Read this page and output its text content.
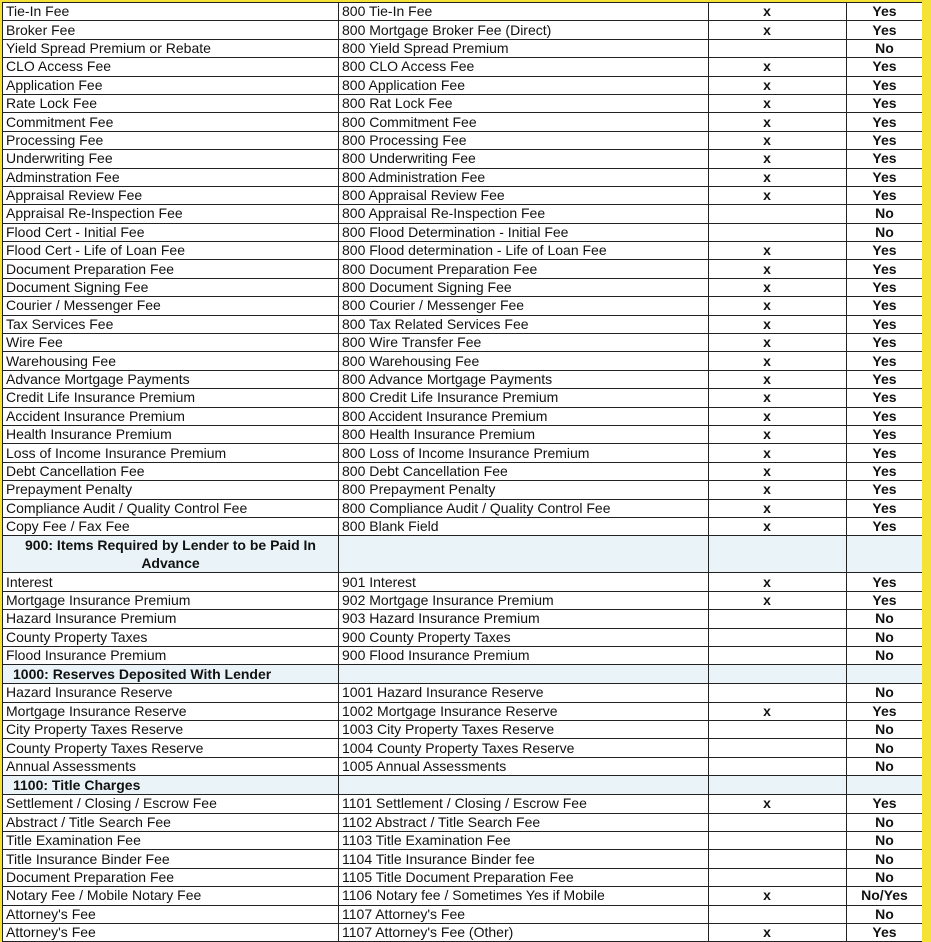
Tie-In Fee	800 Tie-In Fee	x	Yes
Broker Fee	800 Mortgage Broker Fee (Direct)	x	Yes
Yield Spread Premium or Rebate	800 Yield Spread Premium		No
CLO Access Fee	800 CLO Access Fee	x	Yes
Application Fee	800 Application Fee	x	Yes
Rate Lock Fee	800 Rat Lock Fee	x	Yes
Commitment Fee	800 Commitment Fee	x	Yes
Processing Fee	800 Processing Fee	x	Yes
Underwriting Fee	800 Underwriting Fee	x	Yes
Adminstration Fee	800 Administration Fee	x	Yes
Appraisal Review Fee	800 Appraisal Review Fee	x	Yes
Appraisal Re-Inspection Fee	800 Appraisal Re-Inspection Fee		No
Flood Cert - Initial Fee	800 Flood Determination - Initial Fee		No
Flood Cert - Life of Loan Fee	800 Flood determination - Life of Loan Fee	x	Yes
Document Preparation Fee	800 Document Preparation Fee	x	Yes
Document Signing Fee	800 Document Signing Fee	x	Yes
Courier / Messenger Fee	800 Courier / Messenger Fee	x	Yes
Tax Services Fee	800 Tax Related Services Fee	x	Yes
Wire Fee	800 Wire Transfer Fee	x	Yes
Warehousing Fee	800 Warehousing Fee	x	Yes
Advance Mortgage Payments	800 Advance Mortgage Payments	x	Yes
Credit Life Insurance Premium	800 Credit Life Insurance Premium	x	Yes
Accident Insurance Premium	800 Accident Insurance Premium	x	Yes
Health Insurance Premium	800 Health Insurance Premium	x	Yes
Loss of Income Insurance Premium	800 Loss of Income Insurance Premium	x	Yes
Debt Cancellation Fee	800 Debt Cancellation Fee	x	Yes
Prepayment Penalty	800 Prepayment Penalty	x	Yes
Compliance Audit / Quality Control Fee	800 Compliance Audit / Quality Control Fee	x	Yes
Copy Fee / Fax Fee	800 Blank Field	x	Yes
900: Items Required by Lender to be Paid In Advance			
Interest	901 Interest	x	Yes
Mortgage Insurance Premium	902 Mortgage Insurance Premium	x	Yes
Hazard Insurance Premium	903 Hazard Insurance Premium		No
County Property Taxes	900 County Property Taxes		No
Flood Insurance Premium	900 Flood Insurance Premium		No
1000: Reserves Deposited With Lender			
Hazard Insurance Reserve	1001 Hazard Insurance Reserve		No
Mortgage Insurance Reserve	1002 Mortgage Insurance Reserve	x	Yes
City Property Taxes Reserve	1003 City Property Taxes Reserve		No
County Property Taxes Reserve	1004 County Property Taxes Reserve		No
Annual Assessments	1005 Annual Assessments		No
1100: Title Charges			
Settlement / Closing / Escrow Fee	1101 Settlement / Closing / Escrow Fee	x	Yes
Abstract / Title Search Fee	1102 Abstract / Title Search Fee		No
Title Examination Fee	1103 Title Examination Fee		No
Title Insurance Binder Fee	1104 Title Insurance Binder fee		No
Document Preparation Fee	1105 Title Document Preparation Fee		No
Notary Fee / Mobile Notary Fee	1106 Notary fee / Sometimes Yes if Mobile	x	No/Yes
Attorney's Fee	1107 Attorney's Fee		No
Attorney's Fee	1107 Attorney's Fee (Other)	x	Yes
